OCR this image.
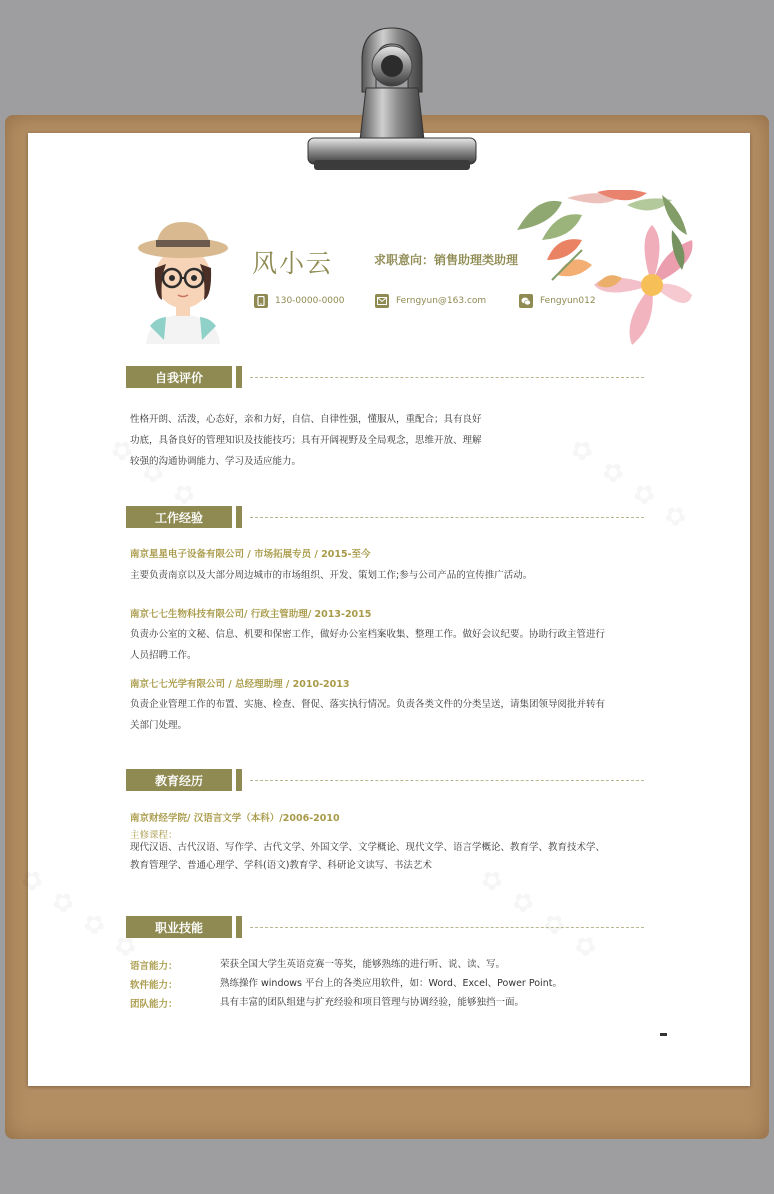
风小云	求职意向：销售助理类助理
130-0000-0000	Ferngyun@163.com	Fengyun012
自我评价
性格开朗、活泼，心态好，亲和力好，自信、自律性强，懂服从，重配合；具有良好
功底，具备良好的管理知识及技能技巧；具有开阔视野及全局观念，思维开放、理解
较强的沟通协调能力、学习及适应能力。
工作经验
南京星星电子设备有限公司 / 市场拓展专员 / 2015-至今
主要负责南京以及大部分周边城市的市场组织、开发、策划工作;参与公司产品的宣传推广活动。
南京七七生物科技有限公司/ 行政主管助理/ 2013-2015
负责办公室的文秘、信息、机要和保密工作，做好办公室档案收集、整理工作。做好会议纪要。协助行政主管进行
人员招聘工作。
南京七七光学有限公司 / 总经理助理 / 2010-2013
负责企业管理工作的布置、实施、检查、督促、落实执行情况。负责各类文件的分类呈送，请集团领导阅批并转有
关部门处理。
教育经历
南京财经学院/ 汉语言文学（本科）/2006-2010
主修课程：
现代汉语、古代汉语、写作学、古代文学、外国文学、文学概论、现代文学、语言学概论、教育学、教育技术学、
教育管理学、普通心理学、学科(语文)教育学、科研论文读写、书法艺术
职业技能
语言能力：	荣获全国大学生英语竞赛一等奖，能够熟练的进行听、说、读、写。
软件能力：	熟练操作 windows 平台上的各类应用软件，如：Word、Excel、Power Point。
团队能力：	具有丰富的团队组建与扩充经验和项目管理与协调经验，能够独挡一面。
